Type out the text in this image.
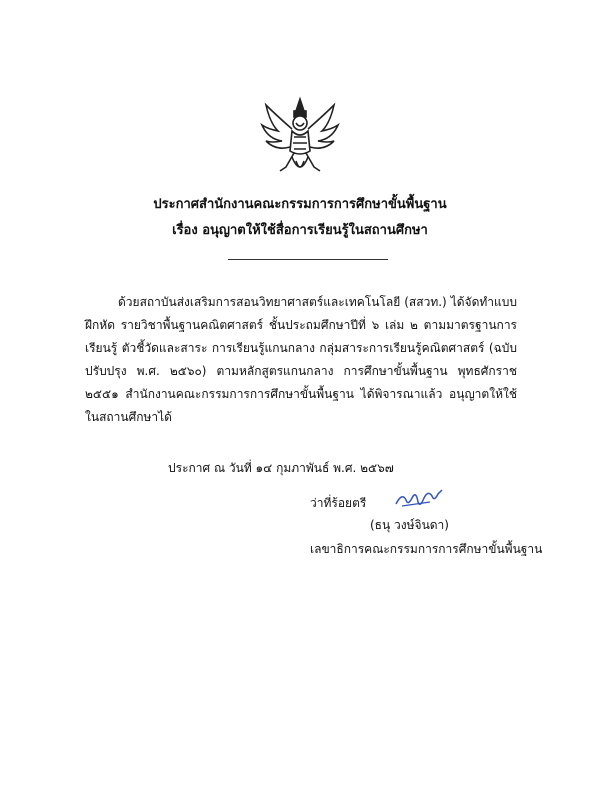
ประกาศสำนักงานคณะกรรมการการศึกษาขั้นพื้นฐาน
เรื่อง อนุญาตให้ใช้สื่อการเรียนรู้ในสถานศึกษา
ด้วยสถาบันส่งเสริมการสอนวิทยาศาสตร์และเทคโนโลยี (สสวท.) ได้จัดทำแบบฝึกหัด รายวิชาพื้นฐานคณิตศาสตร์ ชั้นประถมศึกษาปีที่ ๖ เล่ม ๒ ตามมาตรฐานการเรียนรู้ ตัวชี้วัดและสาระ การเรียนรู้แกนกลาง กลุ่มสาระการเรียนรู้คณิตศาสตร์ (ฉบับปรับปรุง พ.ศ. ๒๕๖๐) ตามหลักสูตรแกนกลาง การศึกษาขั้นพื้นฐาน พุทธศักราช ๒๕๕๑ สำนักงานคณะกรรมการการศึกษาขั้นพื้นฐาน ได้พิจารณาแล้ว อนุญาตให้ใช้ในสถานศึกษาได้
ประกาศ ณ วันที่ ๑๔ กุมภาพันธ์ พ.ศ. ๒๕๖๗
ว่าที่ร้อยตรี
(ธนุ วงษ์จินดา)
เลขาธิการคณะกรรมการการศึกษาขั้นพื้นฐาน
